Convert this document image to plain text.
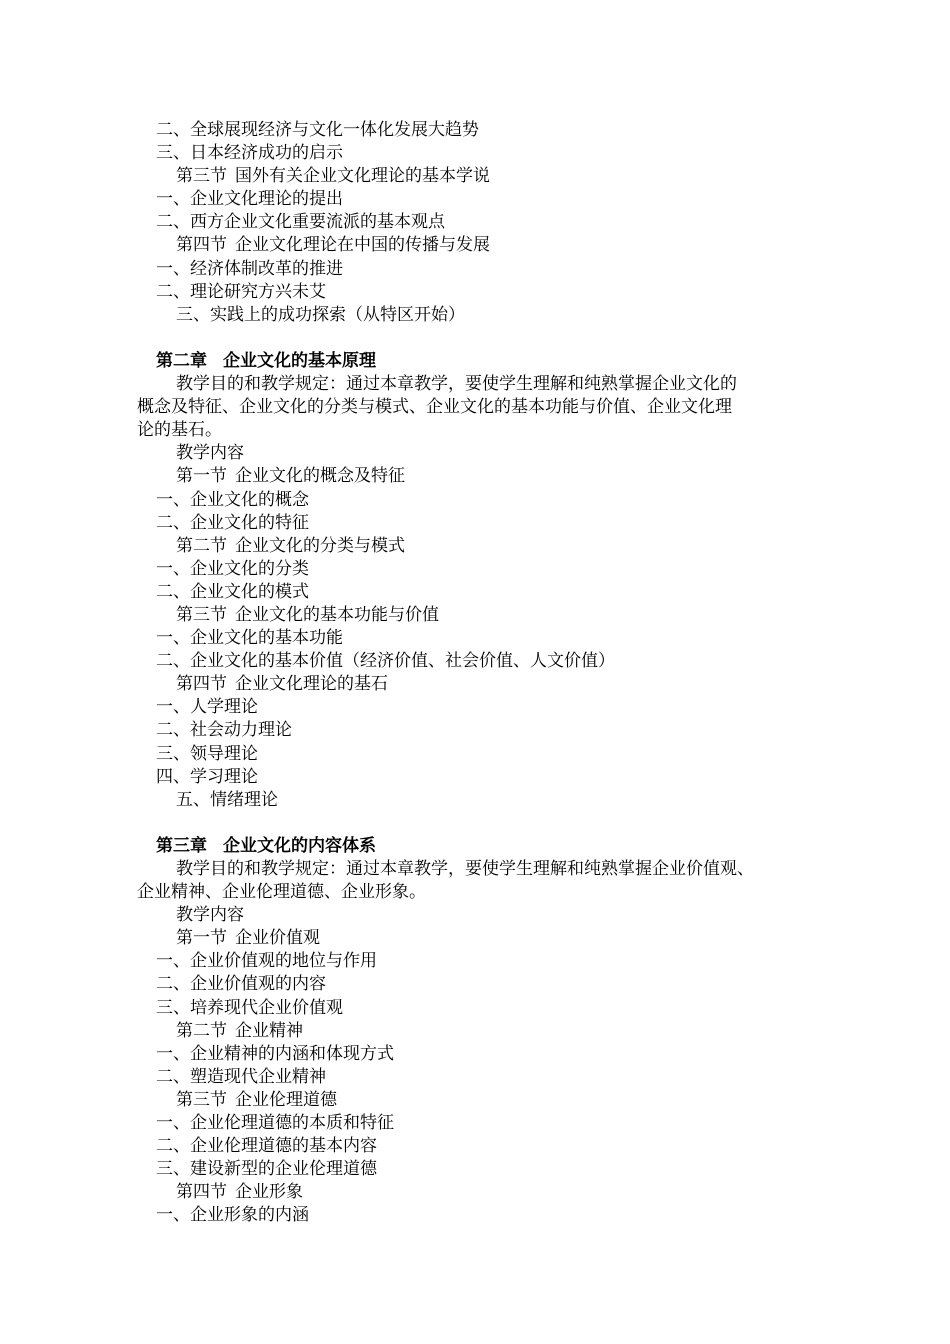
二、全球展现经济与文化一体化发展大趋势
三、日本经济成功的启示
第三节 国外有关企业文化理论的基本学说
一、企业文化理论的提出
二、西方企业文化重要流派的基本观点
第四节 企业文化理论在中国的传播与发展
一、经济体制改革的推进
二、理论研究方兴未艾
三、实践上的成功探索（从特区开始）
第二章 企业文化的基本原理
教学目的和教学规定：通过本章教学，要使学生理解和纯熟掌握企业文化的
概念及特征、企业文化的分类与模式、企业文化的基本功能与价值、企业文化理
论的基石。
教学内容
第一节 企业文化的概念及特征
一、企业文化的概念
二、企业文化的特征
第二节 企业文化的分类与模式
一、企业文化的分类
二、企业文化的模式
第三节 企业文化的基本功能与价值
一、企业文化的基本功能
二、企业文化的基本价值（经济价值、社会价值、人文价值）
第四节 企业文化理论的基石
一、人学理论
二、社会动力理论
三、领导理论
四、学习理论
五、情绪理论
第三章 企业文化的内容体系
教学目的和教学规定：通过本章教学，要使学生理解和纯熟掌握企业价值观、
企业精神、企业伦理道德、企业形象。
教学内容
第一节 企业价值观
一、企业价值观的地位与作用
二、企业价值观的内容
三、培养现代企业价值观
第二节 企业精神
一、企业精神的内涵和体现方式
二、塑造现代企业精神
第三节 企业伦理道德
一、企业伦理道德的本质和特征
二、企业伦理道德的基本内容
三、建设新型的企业伦理道德
第四节 企业形象
一、企业形象的内涵
